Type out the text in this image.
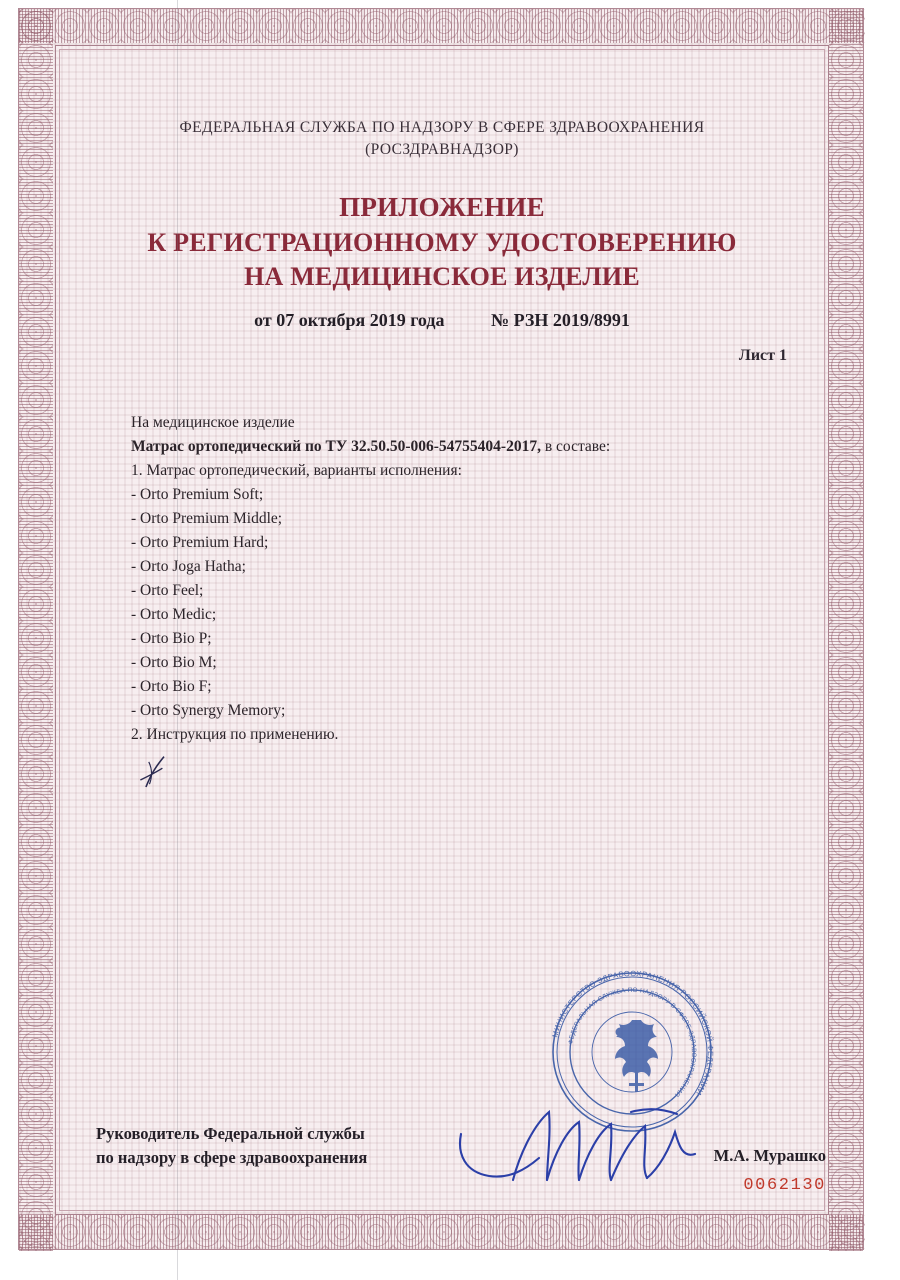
ФЕДЕРАЛЬНАЯ СЛУЖБА ПО НАДЗОРУ В СФЕРЕ ЗДРАВООХРАНЕНИЯ
(РОСЗДРАВНАДЗОР)
ПРИЛОЖЕНИЕ
К РЕГИСТРАЦИОННОМУ УДОСТОВЕРЕНИЮ
НА МЕДИЦИНСКОЕ ИЗДЕЛИЕ
от 07 октября 2019 года	№ РЗН 2019/8991
Лист 1
На медицинское изделие
Матрас ортопедический по ТУ 32.50.50-006-54755404-2017, в составе:
1. Матрас ортопедический, варианты исполнения:
- Orto Premium Soft;
- Orto Premium Middle;
- Orto Premium Hard;
- Orto Joga Hatha;
- Orto Feel;
- Orto Medic;
- Orto Bio P;
- Orto Bio M;
- Orto Bio F;
- Orto Synergy Memory;
2. Инструкция по применению.
МИНИСТЕРСТВО ЗДРАВООХРАНЕНИЯ РОССИЙСКОЙ ФЕДЕРАЦИИ
ФЕДЕРАЛЬНАЯ СЛУЖБА ПО НАДЗОРУ В СФЕРЕ ЗДРАВООХРАНЕНИЯ
Руководитель Федеральной службы
по надзору в сфере здравоохранения	М.А. Мурашко
0062130
